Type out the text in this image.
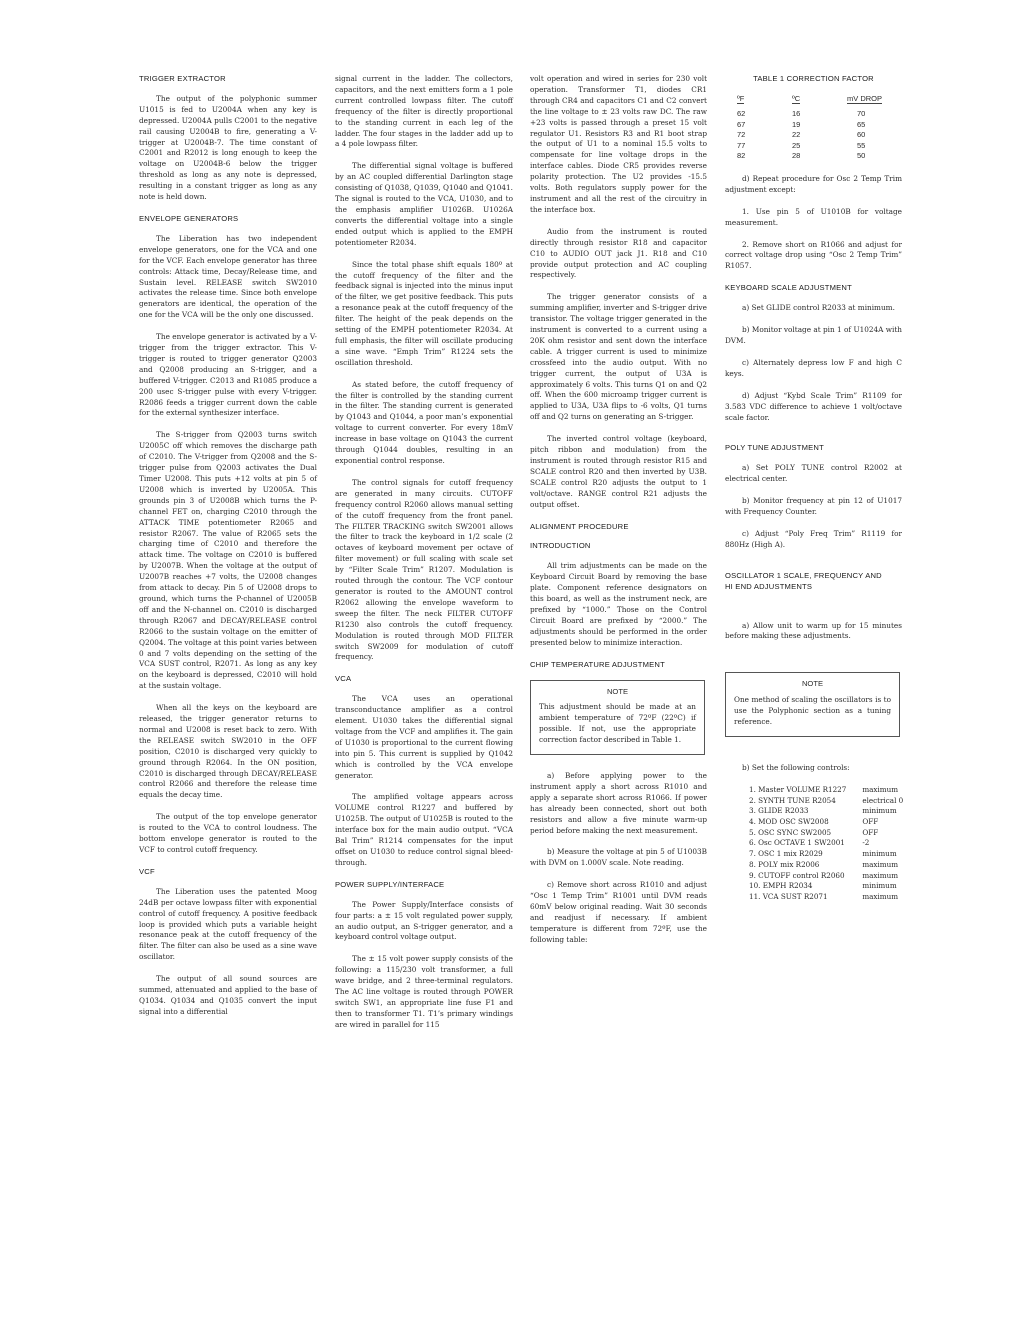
TRIGGER EXTRACTOR
The output of the polyphonic summer U1015 is fed to U2004A when any key is depressed. U2004A pulls C2001 to the negative rail causing U2004B to fire, generating a V-trigger at U2004B-7. The time constant of C2001 and R2012 is long enough to keep the voltage on U2004B-6 below the trigger threshold as long as any note is depressed, resulting in a constant trigger as long as any note is held down.
ENVELOPE GENERATORS
The Liberation has two independent envelope generators, one for the VCA and one for the VCF. Each envelope generator has three controls: Attack time, Decay/Release time, and Sustain level. RELEASE switch SW2010 activates the release time. Since both envelope generators are identical, the operation of the one for the VCA will be the only one discussed.
The envelope generator is activated by a V-trigger from the trigger extractor. This V-trigger is routed to trigger generator Q2003 and Q2008 producing an S-trigger, and a buffered V-trigger. C2013 and R1085 produce a 200 usec S-trigger pulse with every V-trigger. R2086 feeds a trigger current down the cable for the external synthesizer interface.
The S-trigger from Q2003 turns switch U2005C off which removes the discharge path of C2010. The V-trigger from Q2008 and the S-trigger pulse from Q2003 activates the Dual Timer U2008. This puts +12 volts at pin 5 of U2008 which is inverted by U2005A. This grounds pin 3 of U2008B which turns the P-channel FET on, charging C2010 through the ATTACK TIME potentiometer R2065 and resistor R2067. The value of R2065 sets the charging time of C2010 and therefore the attack time. The voltage on C2010 is buffered by U2007B. When the voltage at the output of U2007B reaches +7 volts, the U2008 changes from attack to decay. Pin 5 of U2008 drops to ground, which turns the P-channel of U2005B off and the N-channel on. C2010 is discharged through R2067 and DECAY/RELEASE control R2066 to the sustain voltage on the emitter of Q2004. The voltage at this point varies between 0 and 7 volts depending on the setting of the VCA SUST control, R2071. As long as any key on the keyboard is depressed, C2010 will hold at the sustain voltage.
When all the keys on the keyboard are released, the trigger generator returns to normal and U2008 is reset back to zero. With the RELEASE switch SW2010 in the OFF position, C2010 is discharged very quickly to ground through R2064. In the ON position, C2010 is discharged through DECAY/RELEASE control R2066 and therefore the release time equals the decay time.
The output of the top envelope generator is routed to the VCA to control loudness. The bottom envelope generator is routed to the VCF to control cutoff frequency.
VCF
The Liberation uses the patented Moog 24dB per octave lowpass filter with exponential control of cutoff frequency. A positive feedback loop is provided which puts a variable height resonance peak at the cutoff frequency of the filter. The filter can also be used as a sine wave oscillator.
The output of all sound sources are summed, attenuated and applied to the base of Q1034. Q1034 and Q1035 convert the input signal into a differential
signal current in the ladder. The collectors, capacitors, and the next emitters form a 1 pole current controlled lowpass filter. The cutoff frequency of the filter is directly proportional to the standing current in each leg of the ladder. The four stages in the ladder add up to a 4 pole lowpass filter.
The differential signal voltage is buffered by an AC coupled differential Darlington stage consisting of Q1038, Q1039, Q1040 and Q1041. The signal is routed to the VCA, U1030, and to the emphasis amplifier U1026B. U1026A converts the differential voltage into a single ended output which is applied to the EMPH potentiometer R2034.
Since the total phase shift equals 180º at the cutoff frequency of the filter and the feedback signal is injected into the minus input of the filter, we get positive feedback. This puts a resonance peak at the cutoff frequency of the filter. The height of the peak depends on the setting of the EMPH potentiometer R2034. At full emphasis, the filter will oscillate producing a sine wave. “Emph Trim” R1224 sets the oscillation threshold.
As stated before, the cutoff frequency of the filter is controlled by the standing current in the filter. The standing current is generated by Q1043 and Q1044, a poor man’s exponential voltage to current converter. For every 18mV increase in base voltage on Q1043 the current through Q1044 doubles, resulting in an exponential control response.
The control signals for cutoff frequency are generated in many circuits. CUTOFF frequency control R2060 allows manual setting of the cutoff frequency from the front panel. The FILTER TRACKING switch SW2001 allows the filter to track the keyboard in 1/2 scale (2 octaves of keyboard movement per octave of filter movement) or full scaling with scale set by “Filter Scale Trim” R1207. Modulation is routed through the contour. The VCF contour generator is routed to the AMOUNT control R2062 allowing the envelope waveform to sweep the filter. The neck FILTER CUTOFF R1230 also controls the cutoff frequency. Modulation is routed through MOD FILTER switch SW2009 for modulation of cutoff frequency.
VCA
The VCA uses an operational transconductance amplifier as a control element. U1030 takes the differential signal voltage from the VCF and amplifies it. The gain of U1030 is proportional to the current flowing into pin 5. This current is supplied by Q1042 which is controlled by the VCA envelope generator.
The amplified voltage appears across VOLUME control R1227 and buffered by U1025B. The output of U1025B is routed to the interface box for the main audio output. “VCA Bal Trim” R1214 compensates for the input offset on U1030 to reduce control signal bleed-through.
POWER SUPPLY/INTERFACE
The Power Supply/Interface consists of four parts: a ± 15 volt regulated power supply, an audio output, an S-trigger generator, and a keyboard control voltage output.
The ± 15 volt power supply consists of the following: a 115/230 volt transformer, a full wave bridge, and 2 three-terminal regulators. The AC line voltage is routed through POWER switch SW1, an appropriate line fuse F1 and then to transformer T1. T1’s primary windings are wired in parallel for 115
volt operation and wired in series for 230 volt operation. Transformer T1, diodes CR1 through CR4 and capacitors C1 and C2 convert the line voltage to ± 23 volts raw DC. The raw +23 volts is passed through a preset 15 volt regulator U1. Resistors R3 and R1 boot strap the output of U1 to a nominal 15.5 volts to compensate for line voltage drops in the interface cables. Diode CR5 provides reverse polarity protection. The U2 provides -15.5 volts. Both regulators supply power for the instrument and all the rest of the circuitry in the interface box.
Audio from the instrument is routed directly through resistor R18 and capacitor C10 to AUDIO OUT jack J1. R18 and C10 provide output protection and AC coupling respectively.
The trigger generator consists of a summing amplifier, inverter and S-trigger drive transistor. The voltage trigger generated in the instrument is converted to a current using a 20K ohm resistor and sent down the interface cable. A trigger current is used to minimize crossfeed into the audio output. With no trigger current, the output of U3A is approximately 6 volts. This turns Q1 on and Q2 off. When the 600 microamp trigger current is applied to U3A, U3A flips to -6 volts, Q1 turns off and Q2 turns on generating an S-trigger.
The inverted control voltage (keyboard, pitch ribbon and modulation) from the instrument is routed through resistor R15 and SCALE control R20 and then inverted by U3B. SCALE control R20 adjusts the output to 1 volt/octave. RANGE control R21 adjusts the output offset.
ALIGNMENT PROCEDURE
INTRODUCTION
All trim adjustments can be made on the Keyboard Circuit Board by removing the base plate. Component reference designators on this board, as well as the instrument neck, are prefixed by “1000.” Those on the Control Circuit Board are prefixed by “2000.” The adjustments should be performed in the order presented below to minimize interaction.
CHIP TEMPERATURE ADJUSTMENT
NOTE
This adjustment should be made at an ambient temperature of 72ºF (22ºC) if possible. If not, use the appropriate correction factor described in Table 1.
a) Before applying power to the instrument apply a short across R1010 and apply a separate short across R1066. If power has already been connected, short out both resistors and allow a five minute warm-up period before making the next measurement.
b) Measure the voltage at pin 5 of U1003B with DVM on 1.000V scale. Note reading.
c) Remove short across R1010 and adjust “Osc 1 Temp Trim” R1001 until DVM reads 60mV below original reading. Wait 30 seconds and readjust if necessary. If ambient temperature is different from 72ºF, use the following table:
TABLE 1 CORRECTION FACTOR
ºF	ºC	mV DROP
62	16	70
67	19	65
72	22	60
77	25	55
82	28	50
d) Repeat procedure for Osc 2 Temp Trim adjustment except:
1. Use pin 5 of U1010B for voltage measurement.
2. Remove short on R1066 and adjust for correct voltage drop using “Osc 2 Temp Trim” R1057.
KEYBOARD SCALE ADJUSTMENT
a) Set GLIDE control R2033 at minimum.
b) Monitor voltage at pin 1 of U1024A with DVM.
c) Alternately depress low F and high C keys.
d) Adjust “Kybd Scale Trim” R1109 for 3.583 VDC difference to achieve 1 volt/octave scale factor.
POLY TUNE ADJUSTMENT
a) Set POLY TUNE control R2002 at electrical center.
b) Monitor frequency at pin 12 of U1017 with Frequency Counter.
c) Adjust “Poly Freq Trim” R1119 for 880Hz (High A).
OSCILLATOR 1 SCALE, FREQUENCY AND
HI END ADJUSTMENTS
a) Allow unit to warm up for 15 minutes before making these adjustments.
NOTE
One method of scaling the oscillators is to use the Polyphonic section as a tuning reference.
b) Set the following controls:
1. Master VOLUME R1227	maximum
2. SYNTH TUNE R2054	electrical 0
3. GLIDE R2033	minimum
4. MOD OSC SW2008	OFF
5. OSC SYNC SW2005	OFF
6. Osc OCTAVE 1 SW2001	-2
7. OSC 1 mix R2029	minimum
8. POLY mix R2006	maximum
9. CUTOFF control R2060	maximum
10. EMPH R2034	minimum
11. VCA SUST R2071	maximum
